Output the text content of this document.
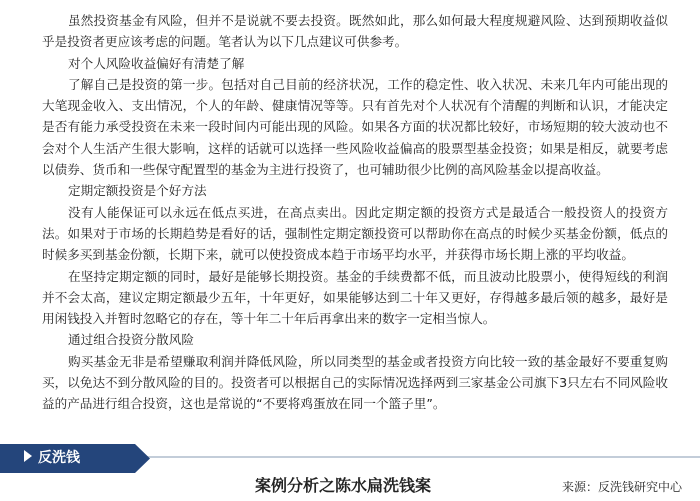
虽然投资基金有风险，但并不是说就不要去投资。既然如此，那么如何最大程度规避风险、达到预期收益似乎是投资者更应该考虑的问题。笔者认为以下几点建议可供参考。

对个人风险收益偏好有清楚了解

了解自己是投资的第一步。包括对自己目前的经济状况，工作的稳定性、收入状况、未来几年内可能出现的大笔现金收入、支出情况，个人的年龄、健康情况等等。只有首先对个人状况有个清醒的判断和认识，才能决定是否有能力承受投资在未来一段时间内可能出现的风险。如果各方面的状况都比较好，市场短期的较大波动也不会对个人生活产生很大影响，这样的话就可以选择一些风险收益偏高的股票型基金投资；如果是相反，就要考虑以债券、货币和一些保守配置型的基金为主进行投资了，也可辅助很少比例的高风险基金以提高收益。

定期定额投资是个好方法

没有人能保证可以永远在低点买进，在高点卖出。因此定期定额的投资方式是最适合一般投资人的投资方法。如果对于市场的长期趋势是看好的话，强制性定期定额投资可以帮助你在高点的时候少买基金份额，低点的时候多买到基金份额，长期下来，就可以使投资成本趋于市场平均水平，并获得市场长期上涨的平均收益。

在坚持定期定额的同时，最好是能够长期投资。基金的手续费都不低，而且波动比股票小，使得短线的利润并不会太高，建议定期定额最少五年，十年更好，如果能够达到二十年又更好，存得越多最后领的越多，最好是用闲钱投入并暂时忽略它的存在，等十年二十年后再拿出来的数字一定相当惊人。

通过组合投资分散风险

购买基金无非是希望赚取利润并降低风险，所以同类型的基金或者投资方向比较一致的基金最好不要重复购买，以免达不到分散风险的目的。投资者可以根据自己的实际情况选择两到三家基金公司旗下3只左右不同风险收益的产品进行组合投资，这也是常说的“不要将鸡蛋放在同一个篮子里”。

反洗钱
案例分析之陈水扁洗钱案	来源：反洗钱研究中心
